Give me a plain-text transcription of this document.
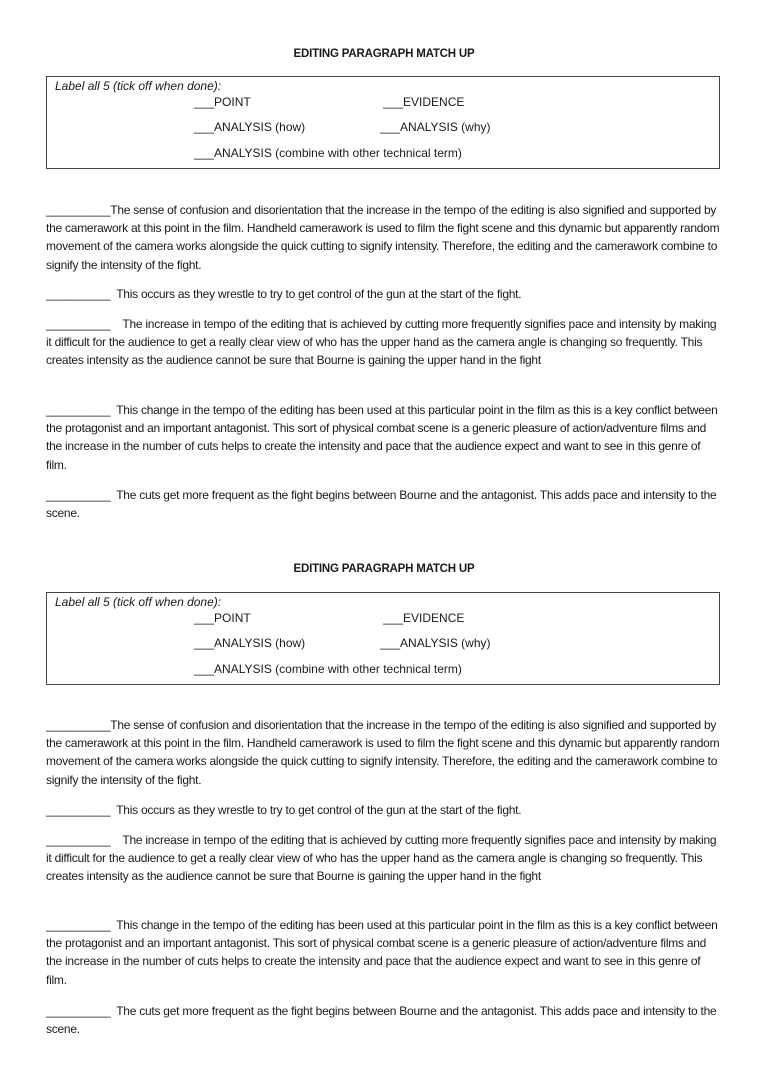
EDITING PARAGRAPH MATCH UP
Label all 5 (tick off when done):
___POINT	___EVIDENCE
___ANALYSIS (how)	___ANALYSIS (why)
___ANALYSIS (combine with other technical term)

__________The sense of confusion and disorientation that the increase in the tempo of the editing is also signified and supported by the camerawork at this point in the film. Handheld camerawork is used to film the fight scene and this dynamic but apparently random movement of the camera works alongside the quick cutting to signify intensity. Therefore, the editing and the camerawork combine to signify the intensity of the fight.

__________ This occurs as they wrestle to try to get control of the gun at the start of the fight.

__________ The increase in tempo of the editing that is achieved by cutting more frequently signifies pace and intensity by making it difficult for the audience to get a really clear view of who has the upper hand as the camera angle is changing so frequently. This creates intensity as the audience cannot be sure that Bourne is gaining the upper hand in the fight

__________ This change in the tempo of the editing has been used at this particular point in the film as this is a key conflict between the protagonist and an important antagonist. This sort of physical combat scene is a generic pleasure of action/adventure films and the increase in the number of cuts helps to create the intensity and pace that the audience expect and want to see in this genre of film.

__________ The cuts get more frequent as the fight begins between Bourne and the antagonist. This adds pace and intensity to the scene.

EDITING PARAGRAPH MATCH UP
Label all 5 (tick off when done):
___POINT	___EVIDENCE
___ANALYSIS (how)	___ANALYSIS (why)
___ANALYSIS (combine with other technical term)

__________The sense of confusion and disorientation that the increase in the tempo of the editing is also signified and supported by the camerawork at this point in the film. Handheld camerawork is used to film the fight scene and this dynamic but apparently random movement of the camera works alongside the quick cutting to signify intensity. Therefore, the editing and the camerawork combine to signify the intensity of the fight.

__________ This occurs as they wrestle to try to get control of the gun at the start of the fight.

__________ The increase in tempo of the editing that is achieved by cutting more frequently signifies pace and intensity by making it difficult for the audience to get a really clear view of who has the upper hand as the camera angle is changing so frequently. This creates intensity as the audience cannot be sure that Bourne is gaining the upper hand in the fight

__________ This change in the tempo of the editing has been used at this particular point in the film as this is a key conflict between the protagonist and an important antagonist. This sort of physical combat scene is a generic pleasure of action/adventure films and the increase in the number of cuts helps to create the intensity and pace that the audience expect and want to see in this genre of film.

__________ The cuts get more frequent as the fight begins between Bourne and the antagonist. This adds pace and intensity to the scene.
